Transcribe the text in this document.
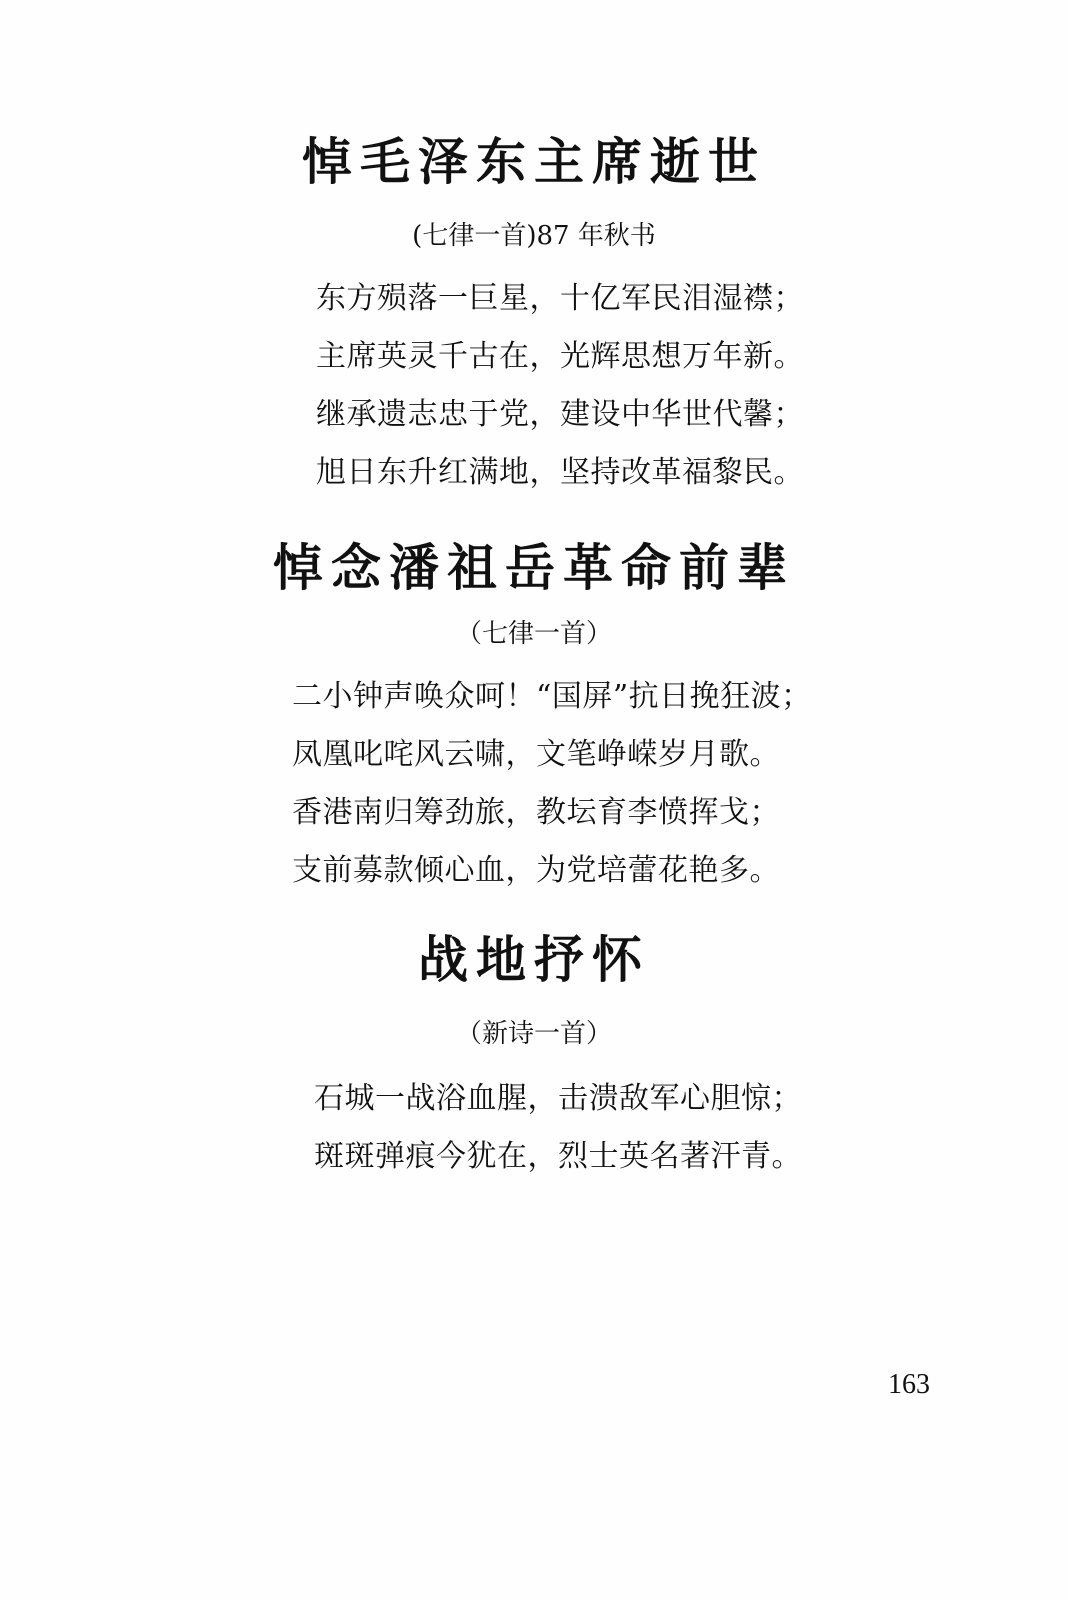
悼毛泽东主席逝世
(七律一首)87 年秋书
东方殒落一巨星，十亿军民泪湿襟；
主席英灵千古在，光辉思想万年新。
继承遗志忠于党，建设中华世代馨；
旭日东升红满地，坚持改革福黎民。
悼念潘祖岳革命前辈
（七律一首）
二小钟声唤众呵！“国屏”抗日挽狂波；
凤凰叱咤风云啸，文笔峥嵘岁月歌。
香港南归筹劲旅，教坛育李愤挥戈；
支前募款倾心血，为党培蕾花艳多。
战地抒怀
（新诗一首）
石城一战浴血腥，击溃敌军心胆惊；
斑斑弹痕今犹在，烈士英名著汗青。
163
